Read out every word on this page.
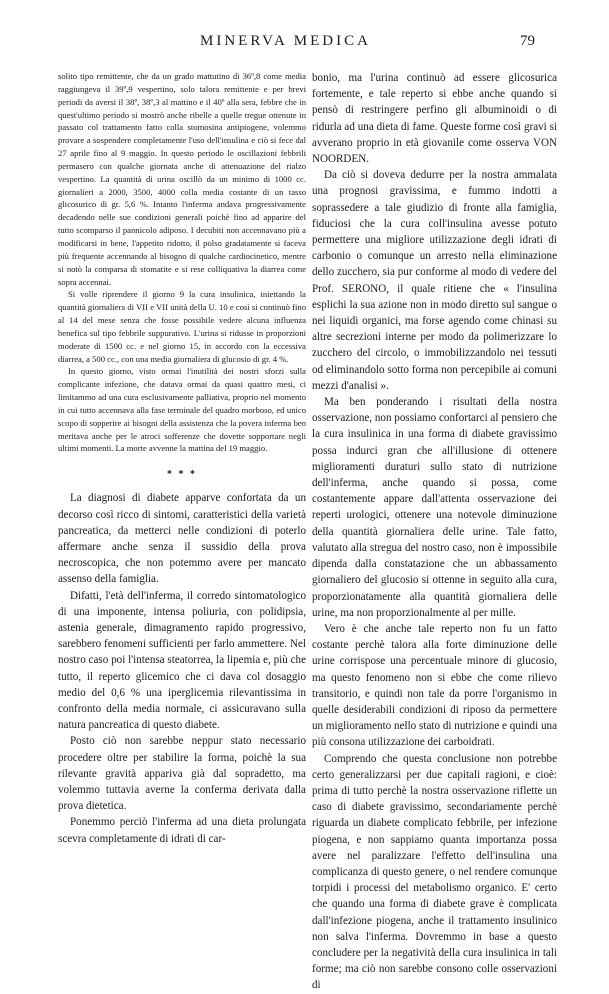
MINERVA MEDICA	79

solito tipo remittente, che da un grado mattutino di 36º,8 come media raggiungeva il 39º,9 vespertino, solo talora remittente e per brevi periodi da aversi il 38º, 38º,3 al mattino e il 40º alla sera, febbre che in quest'ultimo periodo si mostrò anche ribelle a quelle tregue ottenute in passato col trattamento fatto colla stomosina antipiogene, volemmo provare a sospendere completamente l'uso dell'insulina e ciò si fece dal 27 aprile fino al 9 maggio. In questo periodo le oscillazioni febbrili permasero con qualche giornata anche di attenuazione del rialzo vespertino. La quantità di urina oscillò da un minimo di 1000 cc. giornalieri a 2000, 3500, 4000 colla media costante di un tasso glicosurico di gr. 5,6 %. Intanto l'inferma andava progressivamente decadendo nelle sue condizioni generali poichè fino ad apparire del tutto scomparso il pannicolo adiposo. I decubiti non accennavano più a modificarsi in bene, l'appetito ridotto, il polso gradatamente si faceva più frequente accennando al bisogno di qualche cardiocinetico, mentre si notò la comparsa di stomatite e si rese colliquativa la diarrea come sopra accennai.

Si volle riprendere il giorno 9 la cura insulinica, iniettando la quantità giornaliera di VII e VII unità della U. 10 e così si continuò fino al 14 del mese senza che fosse possibile vedere alcuna influenza benefica sul tipo febbrile suppurativo. L'urina si ridusse in proporzioni moderate di 1500 cc. e nel giorno 15, in accordo con la eccessiva diarrea, a 500 cc., con una media giornaliera di glucosio di gr. 4 %.

In questo giorno, visto ormai l'inutilità dei nostri sforzi sulla complicante infezione, che datava ormai da quasi quattro mesi, ci limitammo ad una cura esclusivamente palliativa, proprio nel momento in cui tutto accennava alla fase terminale del quadro morboso, ed unico scopo di sopperire ai bisogni della assistenza che la povera inferma ben meritava anche per le atroci sofferenze che dovette sopportare negli ultimi momenti. La morte avvenne la mattina del 19 maggio.

* * *

La diagnosi di diabete apparve confortata da un decorso così ricco di sintomi, caratteristici della varietà pancreatica, da metterci nelle condizioni di poterlo affermare anche senza il sussidio della prova necroscopica, che non potemmo avere per mancato assenso della famiglia.

Difatti, l'età dell'inferma, il corredo sintomatologico di una imponente, intensa poliuria, con polidipsia, astenia generale, dimagramento rapido progressivo, sarebbero fenomeni sufficienti per farlo ammettere. Nel nostro caso poi l'intensa steatorrea, la lipemia e, più che tutto, il reperto glicemico che ci dava col dosaggio medio del 0,6 % una iperglicemia rilevantissima in confronto della media normale, ci assicuravano sulla natura pancreatica di questo diabete.

Posto ciò non sarebbe neppur stato necessario procedere oltre per stabilire la forma, poichè la sua rilevante gravità appariva già dal sopradetto, ma volemmo tuttavia averne la conferma derivata dalla prova dietetica.

Ponemmo perciò l'inferma ad una dieta prolungata scevra completamente di idrati di car-

bonio, ma l'urina continuò ad essere glicosurica fortemente, e tale reperto si ebbe anche quando si pensò di restringere perfino gli albuminoidi o di ridurla ad una dieta di fame. Queste forme così gravi si avverano proprio in età giovanile come osserva VON NOORDEN.

Da ciò si doveva dedurre per la nostra ammalata una prognosi gravissima, e fummo indotti a soprassedere a tale giudizio di fronte alla famiglia, fiduciosi che la cura coll'insulina avesse potuto permettere una migliore utilizzazione degli idrati di carbonio o comunque un arresto nella eliminazione dello zucchero, sia pur conforme al modo di vedere del Prof. SERONO, il quale ritiene che « l'insulina esplichi la sua azione non in modo diretto sul sangue o nei liquidi organici, ma forse agendo come chinasi su altre secrezioni interne per modo da polimerizzare lo zucchero del circolo, o immobilizzandolo nei tessuti od eliminandolo sotto forma non percepibile ai comuni mezzi d'analisi ».

Ma ben ponderando i risultati della nostra osservazione, non possiamo confortarci al pensiero che la cura insulinica in una forma di diabete gravissimo possa indurci gran che all'illusione di ottenere miglioramenti duraturi sullo stato di nutrizione dell'inferma, anche quando si possa, come costantemente appare dall'attenta osservazione dei reperti urologici, ottenere una notevole diminuzione della quantità giornaliera delle urine. Tale fatto, valutato alla stregua del nostro caso, non è impossibile dipenda dalla constatazione che un abbassamento giornaliero del glucosio si ottenne in seguito alla cura, proporzionatamente alla quantità giornaliera delle urine, ma non proporzionalmente al per mille.

Vero è che anche tale reperto non fu un fatto costante perchè talora alla forte diminuzione delle urine corrispose una percentuale minore di glucosio, ma questo fenomeno non si ebbe che come rilievo transitorio, e quindi non tale da porre l'organismo in quelle desiderabili condizioni di riposo da permettere un miglioramento nello stato di nutrizione e quindi una più consona utilizzazione dei carboidrati.

Comprendo che questa conclusione non potrebbe certo generalizzarsi per due capitali ragioni, e cioè: prima di tutto perchè la nostra osservazione riflette un caso di diabete gravissimo, secondariamente perchè riguarda un diabete complicato febbrile, per infezione piogena, e non sappiamo quanta importanza possa avere nel paralizzare l'effetto dell'insulina una complicanza di questo genere, o nel rendere comunque torpidi i processi del metabolismo organico. E' certo che quando una forma di diabete grave è complicata dall'infezione piogena, anche il trattamento insulinico non salva l'inferma. Dovremmo in base a questo concludere per la negatività della cura insulinica in tali forme; ma ciò non sarebbe consono colle osservazioni di
